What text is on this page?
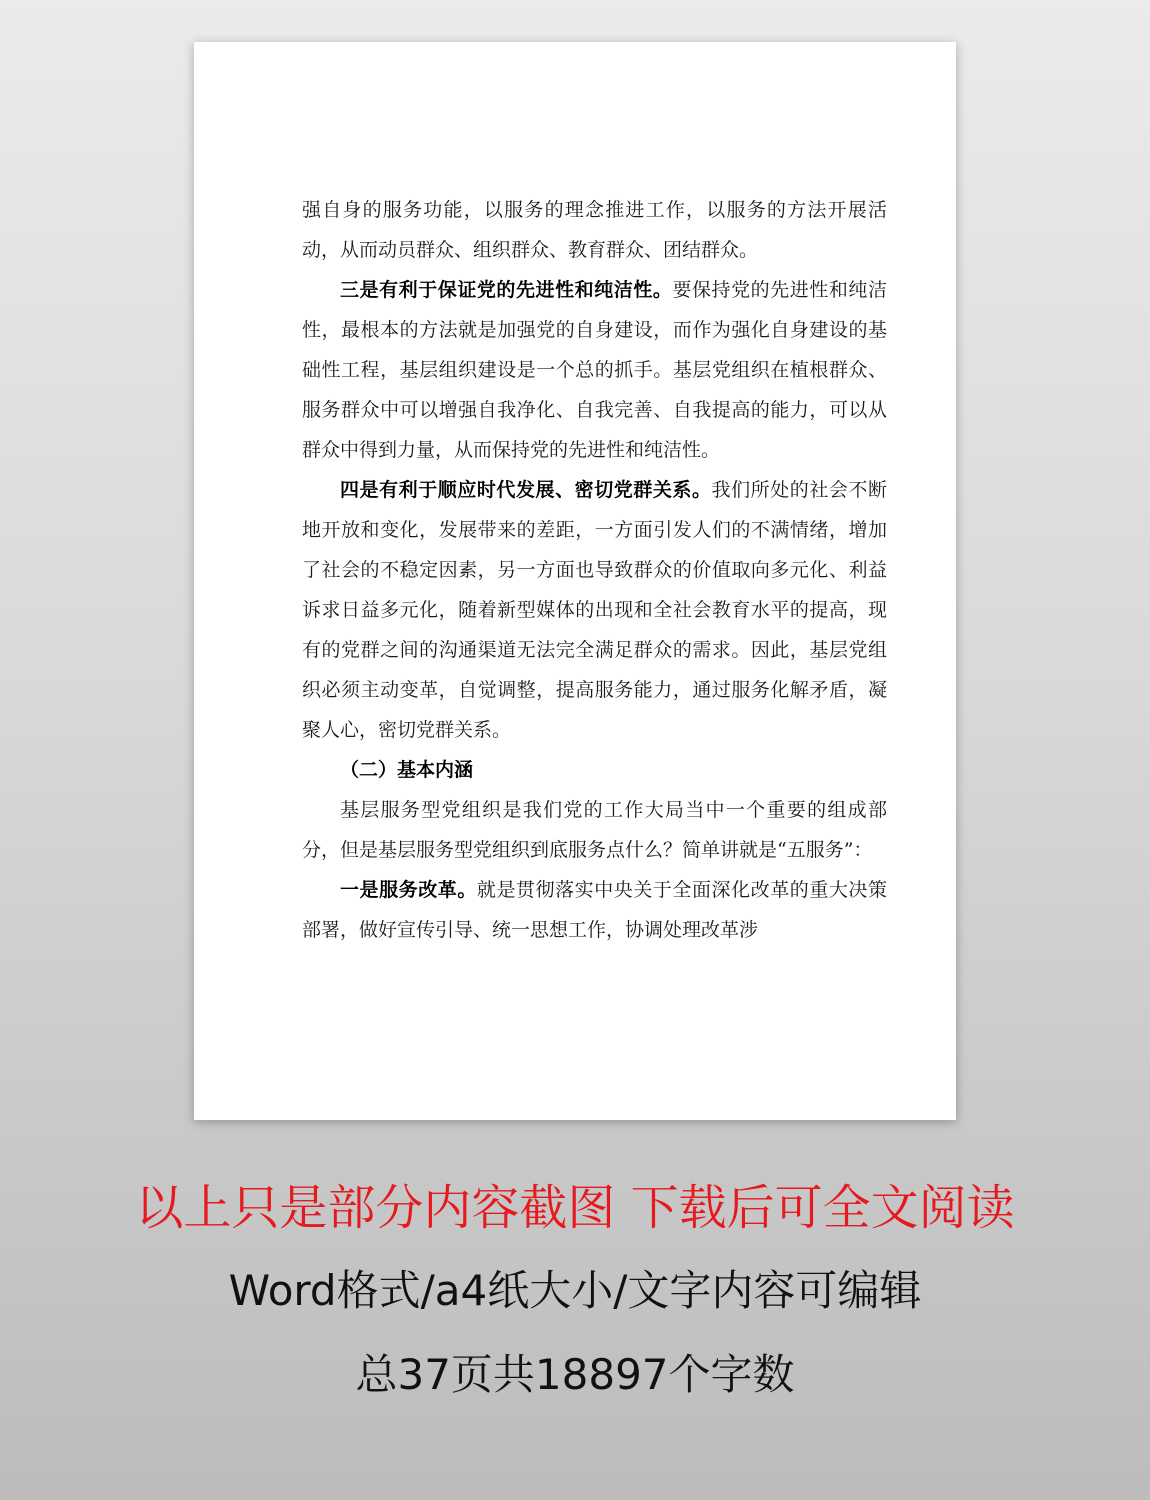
强自身的服务功能，以服务的理念推进工作，以服务的方法开展活动，从而动员群众、组织群众、教育群众、团结群众。

三是有利于保证党的先进性和纯洁性。要保持党的先进性和纯洁性，最根本的方法就是加强党的自身建设，而作为强化自身建设的基础性工程，基层组织建设是一个总的抓手。基层党组织在植根群众、服务群众中可以增强自我净化、自我完善、自我提高的能力，可以从群众中得到力量，从而保持党的先进性和纯洁性。

四是有利于顺应时代发展、密切党群关系。我们所处的社会不断地开放和变化，发展带来的差距，一方面引发人们的不满情绪，增加了社会的不稳定因素，另一方面也导致群众的价值取向多元化、利益诉求日益多元化，随着新型媒体的出现和全社会教育水平的提高，现有的党群之间的沟通渠道无法完全满足群众的需求。因此，基层党组织必须主动变革，自觉调整，提高服务能力，通过服务化解矛盾，凝聚人心，密切党群关系。

（二）基本内涵

基层服务型党组织是我们党的工作大局当中一个重要的组成部分，但是基层服务型党组织到底服务点什么？简单讲就是“五服务”：

一是服务改革。就是贯彻落实中央关于全面深化改革的重大决策部署，做好宣传引导、统一思想工作，协调处理改革涉

以上只是部分内容截图 下载后可全文阅读
Word格式/a4纸大小/文字内容可编辑
总37页共18897个字数
